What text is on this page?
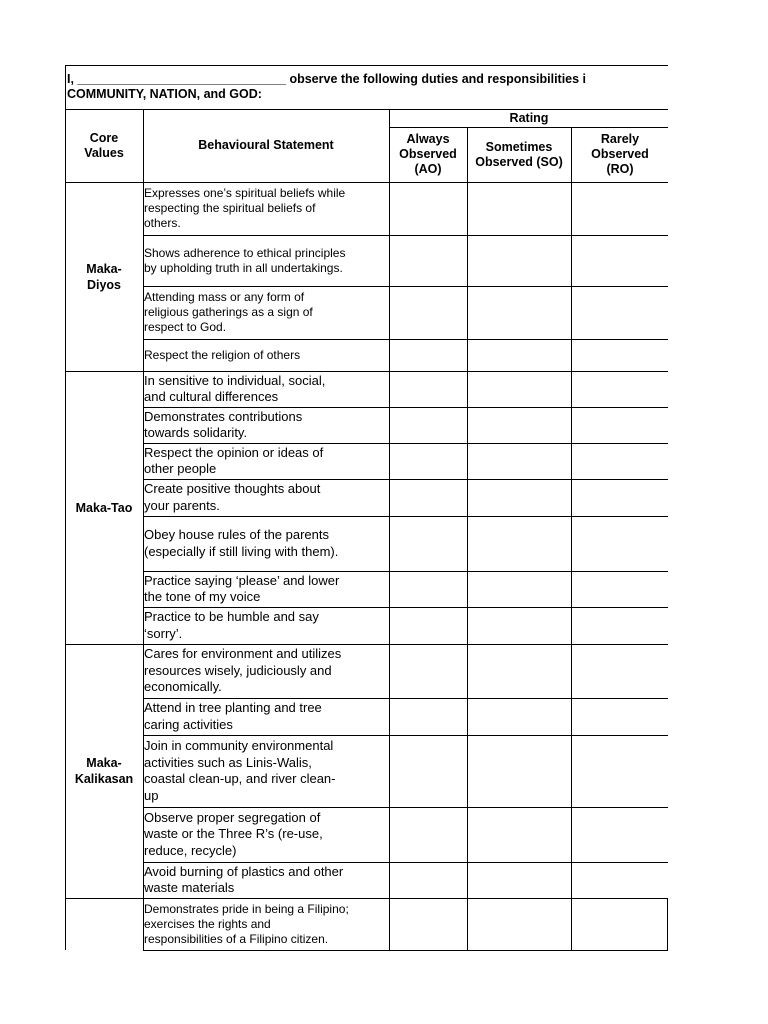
I, ______________________________ observe the following duties and responsibilities i
COMMUNITY, NATION, and GOD:
Core
Values
Behavioural Statement
Rating
Always
Observed
(AO)
Sometimes
Observed (SO)
Rarely
Observed
(RO)
Maka-
Diyos
Maka-Tao
Maka-
Kalikasan
Expresses one’s spiritual beliefs while
respecting the spiritual beliefs of
others.
Shows adherence to ethical principles
by upholding truth in all undertakings.
Attending mass or any form of
religious gatherings as a sign of
respect to God.
Respect the religion of others
In sensitive to individual, social,
and cultural differences
Demonstrates contributions
towards solidarity.
Respect the opinion or ideas of
other people
Create positive thoughts about
your parents.
Obey house rules of the parents
(especially if still living with them).
Practice saying ‘please’ and lower
the tone of my voice
Practice to be humble and say
‘sorry’.
Cares for environment and utilizes
resources wisely, judiciously and
economically.
Attend in tree planting and tree
caring activities
Join in community environmental
activities such as Linis-Walis,
coastal clean-up, and river clean-
up
Observe proper segregation of
waste or the Three R’s (re-use,
reduce, recycle)
Avoid burning of plastics and other
waste materials
Demonstrates pride in being a Filipino;
exercises the rights and
responsibilities of a Filipino citizen.
